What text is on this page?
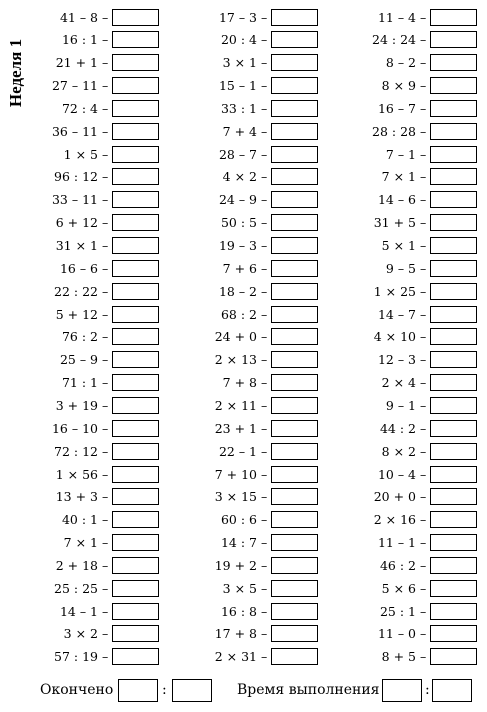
Неделя 1
41 – 8 –
16 : 1 –
21 + 1 –
27 – 11 –
72 : 4 –
36 – 11 –
1 × 5 –
96 : 12 –
33 – 11 –
6 + 12 –
31 × 1 –
16 – 6 –
22 : 22 –
5 + 12 –
76 : 2 –
25 – 9 –
71 : 1 –
3 + 19 –
16 – 10 –
72 : 12 –
1 × 56 –
13 + 3 –
40 : 1 –
7 × 1 –
2 + 18 –
25 : 25 –
14 – 1 –
3 × 2 –
57 : 19 –
17 – 3 –
20 : 4 –
3 × 1 –
15 – 1 –
33 : 1 –
7 + 4 –
28 – 7 –
4 × 2 –
24 – 9 –
50 : 5 –
19 – 3 –
7 + 6 –
18 – 2 –
68 : 2 –
24 + 0 –
2 × 13 –
7 + 8 –
2 × 11 –
23 + 1 –
22 – 1 –
7 + 10 –
3 × 15 –
60 : 6 –
14 : 7 –
19 + 2 –
3 × 5 –
16 : 8 –
17 + 8 –
2 × 31 –
11 – 4 –
24 : 24 –
8 – 2 –
8 × 9 –
16 – 7 –
28 : 28 –
7 – 1 –
7 × 1 –
14 – 6 –
31 + 5 –
5 × 1 –
9 – 5 –
1 × 25 –
14 – 7 –
4 × 10 –
12 – 3 –
2 × 4 –
9 – 1 –
44 : 2 –
8 × 2 –
10 – 4 –
20 + 0 –
2 × 16 –
11 – 1 –
46 : 2 –
5 × 6 –
25 : 1 –
11 – 0 –
8 + 5 –
Окончено	:	Время выполнения	:
